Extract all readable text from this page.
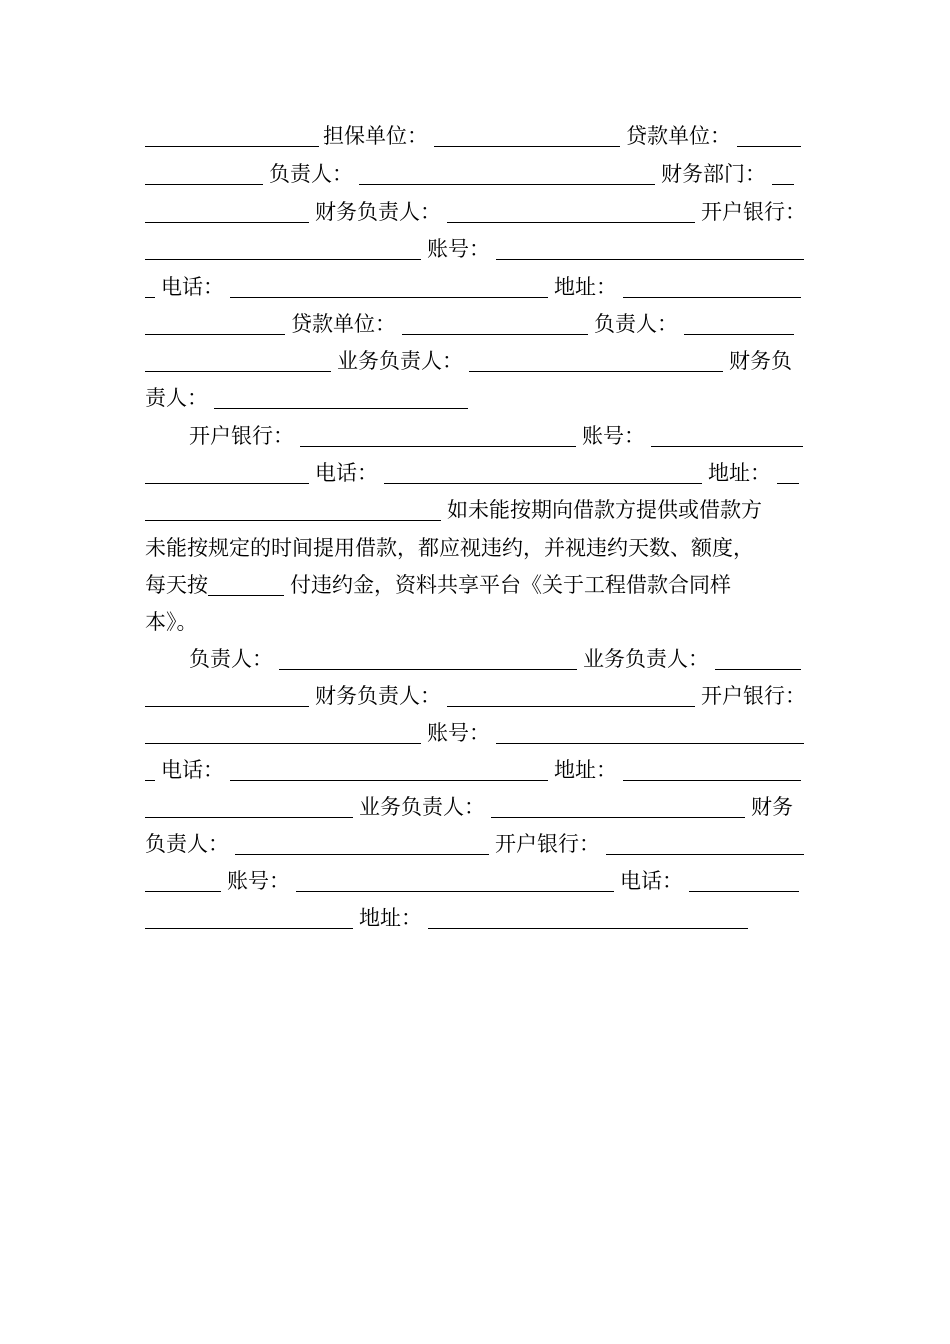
担保单位：	贷款单位：
负责人：	财务部门：
财务负责人：	开户银行：
账号：
电话：	地址：
贷款单位：	负责人：
业务负责人：	财务负
责人：
开户银行：	账号：
电话：	地址：
如未能按期向借款方提供或借款方
未能按规定的时间提用借款，都应视违约，并视违约天数、额度，
每天按	付违约金，资料共享平台《关于工程借款合同样
本》。
负责人：	业务负责人：
财务负责人：	开户银行：
账号：
电话：	地址：
业务负责人：	财务
负责人：	开户银行：
账号：	电话：
地址：
